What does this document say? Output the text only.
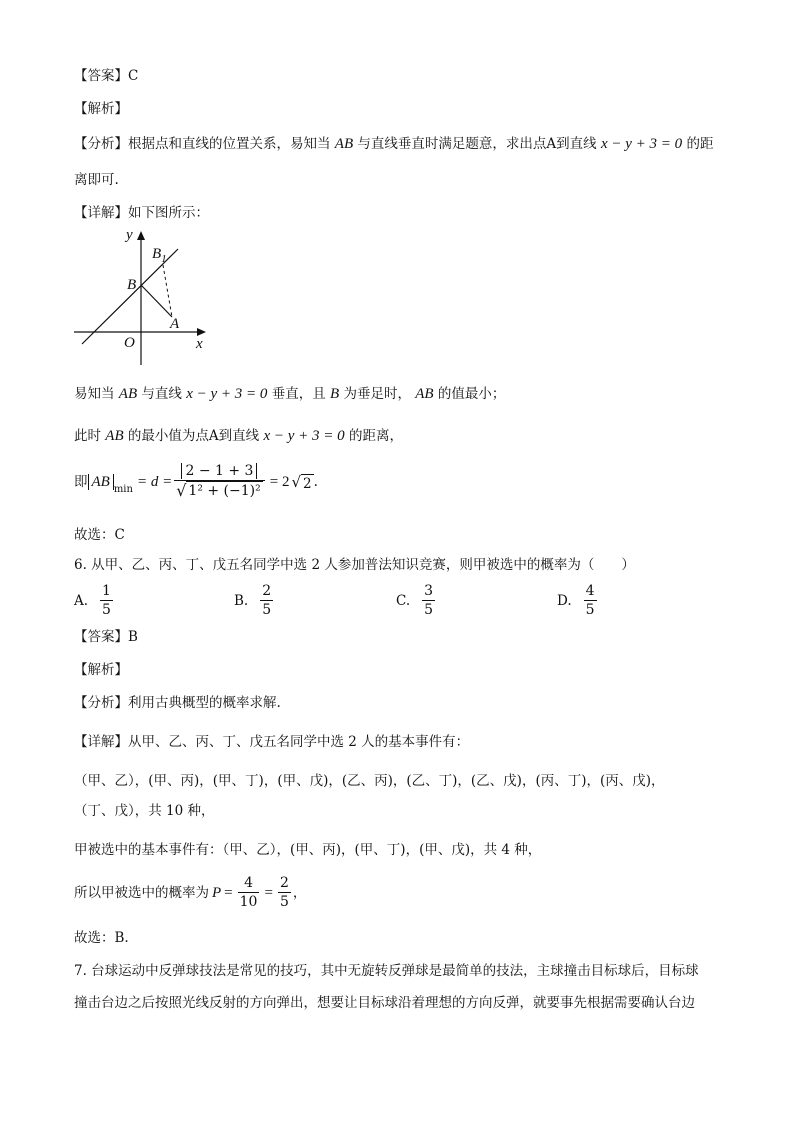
【答案】C
【解析】
【分析】根据点和直线的位置关系，易知当 AB 与直线垂直时满足题意，求出点A到直线 x − y + 3 = 0 的距
离即可.
【详解】如下图所示：
y
x
O
B
$B_1$
A
易知当 AB 与直线 x − y + 3 = 0 垂直，且 B 为垂足时， AB 的值最小；
此时 AB 的最小值为点A到直线 x − y + 3 = 0 的距离，
即 AB $\min = d = \frac{2 - 1 + 3}{\text{√ 1² + (−1)²}} = 2$ √ 2 .
故选：C
6. 从甲、乙、丙、丁、戊五名同学中选 2 人参加普法知识竞赛，则甲被选中的概率为（　　）
A. $\frac{1}{5}$	B. $\frac{2}{5}$	C. $\frac{3}{5}$	D. $\frac{4}{5}$
【答案】B
【解析】
【分析】利用古典概型的概率求解.
【详解】从甲、乙、丙、丁、戊五名同学中选 2 人的基本事件有：
（甲、乙），(甲、丙)，(甲、丁)，(甲、戊)，(乙、丙)，(乙、丁)，(乙、戊)，(丙、丁)，(丙、戊)，
（丁、戊），共 10 种，
甲被选中的基本事件有：（甲、乙），(甲、丙)，(甲、丁)，(甲、戊)，共 4 种，
所以甲被选中的概率为 $P = \frac{4}{10} = \frac{2}{5}$ ，
故选：B.
7. 台球运动中反弹球技法是常见的技巧，其中无旋转反弹球是最简单的技法，主球撞击目标球后，目标球
撞击台边之后按照光线反射的方向弹出，想要让目标球沿着理想的方向反弹，就要事先根据需要确认台边
